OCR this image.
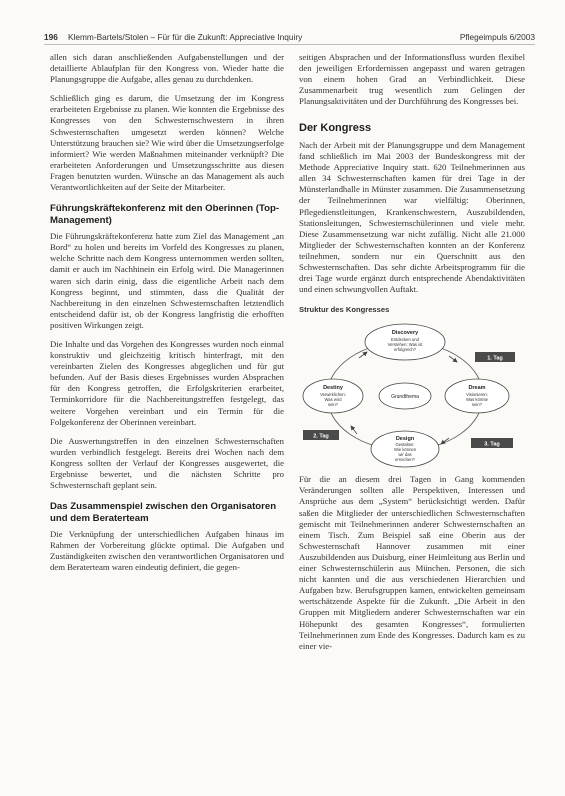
196	Klemm-Bartels/Stolen – Für für die Zukunft: Appreciative Inquiry	Pflegeimpuls 6/2003

allen sich daran anschließenden Aufgabenstellungen und der detaillierte Ablaufplan für den Kongress von. Wieder hatte die Planungsgruppe die Aufgabe, alles genau zu durchdenken.

Schließlich ging es darum, die Umsetzung der im Kongress erarbeiteten Ergebnisse zu planen. Wie konnten die Ergebnisse des Kongresses von den Schwesternschwestern in ihren Schwesternschaften umgesetzt werden können? Welche Unterstützung brauchen sie? Wie wird über die Umsetzungserfolge informiert? Wie werden Maßnahmen miteinander verknüpft? Die erarbeiteten Anforderungen und Umsetzungsschritte aus diesen Fragen benutzten wurden. Wünsche an das Management als auch Verantwortlichkeiten auf der Seite der Mitarbeiter.

Führungskräftekonferenz mit den Oberinnen (Top-Management)

Die Führungskräftekonferenz hatte zum Ziel das Management „an Bord“ zu holen und bereits im Vorfeld des Kongresses zu planen, welche Schritte nach dem Kongress unternommen werden sollten, damit er auch im Nachhinein ein Erfolg wird. Die Managerinnen waren sich darin einig, dass die eigentliche Arbeit nach dem Kongress beginnt, und stimmten, dass die Qualität der Nachbereitung in den einzelnen Schwesternschaften letztendlich entscheidend dafür ist, ob der Kongress langfristig die erhofften positiven Wirkungen zeigt.

Die Inhalte und das Vorgehen des Kongresses wurden noch einmal konstruktiv und gleichzeitig kritisch hinterfragt, mit den vereinbarten Zielen des Kongresses abgeglichen und für gut befunden. Auf der Basis dieses Ergebnisses wurden Absprachen für den Kongress getroffen, die Erfolgskriterien erarbeitet, Terminkorridore für die Nachbereitungstreffen festgelegt, das weitere Vorgehen vereinbart und ein Termin für die Folgekonferenz der Oberinnen vereinbart.

Die Auswertungstreffen in den einzelnen Schwesternschaften wurden verbindlich festgelegt. Bereits drei Wochen nach dem Kongress sollten der Verlauf der Kongresses ausgewertet, die Ergebnisse bewertet, und die nächsten Schritte pro Schwesternschaft geplant sein.

Das Zusammenspiel zwischen den Organisatoren und dem Beraterteam

Die Verknüpfung der unterschiedlichen Aufgaben hinaus im Rahmen der Vorbereitung glückte optimal. Die Aufgaben und Zuständigkeiten zwischen den verantwortlichen Organisatoren und dem Beraterteam waren eindeutig definiert, die gegen-

seitigen Absprachen und der Informationsfluss wurden flexibel den jeweiligen Erfordernissen angepasst und waren getragen von einem hohen Grad an Verbindlichkeit. Diese Zusammenarbeit trug wesentlich zum Gelingen der Planungsaktivitäten und der Durchführung des Kongresses bei.

Der Kongress

Nach der Arbeit mit der Planungsgruppe und dem Management fand schließlich im Mai 2003 der Bundeskongress mit der Methode Appreciative Inquiry statt. 620 Teilnehmerinnen aus allen 34 Schwesternschaften kamen für drei Tage in der Münsterlandhalle in Münster zusammen. Die Zusammensetzung der Teilnehmerinnen war vielfältig: Oberinnen, Pflegedienstleitungen, Krankenschwestern, Auszubildenden, Stationsleitungen, Schwesternschülerinnen und viele mehr. Diese Zusammensetzung war nicht zufällig. Nicht alle 21.000 Mitglieder der Schwesternschaften konnten an der Konferenz teilnehmen, sondern nur ein Querschnitt aus den Schwesternschaften. Das sehr dichte Arbeitsprogramm für die drei Tage wurde ergänzt durch entsprechende Abendaktivitäten und einen schwungvollen Auftakt.

Struktur des Kongresses
Discovery
Entdecken und
Verstehen: Was ist
erfolgreich?
Dream
Visionieren:
Was könnte
sein?
Design
Gestalten:
Wie können
wir das
erreichen?
Destiny
Verwirklichen:
Was wird
sein?
Grundthema
1. Tag
2. Tag
3. Tag

Für die an diesem drei Tagen in Gang kommenden Veränderungen sollten alle Perspektiven, Interessen und Ansprüche aus dem „System“ berücksichtigt werden. Dafür saßen die Mitglieder der unterschiedlichen Schwesternschaften gemischt mit Teilnehmerinnen anderer Schwesternschaften an einem Tisch. Zum Beispiel saß eine Oberin aus der Schwesternschaft Hannover zusammen mit einer Auszubildenden aus Duisburg, einer Heimleitung aus Berlin und einer Schwesternschülerin aus München. Personen, die sich nicht kannten und die aus verschiedenen Hierarchien und Aufgaben bzw. Berufsgruppen kamen, entwickelten gemeinsam wertschätzende Aspekte für die Zukunft. „Die Arbeit in den Gruppen mit Mitgliedern anderer Schwesternschaften war ein Höhepunkt des gesamten Kongresses“, formulierten Teilnehmerinnen zum Ende des Kongresses. Dadurch kam es zu einer vie-
